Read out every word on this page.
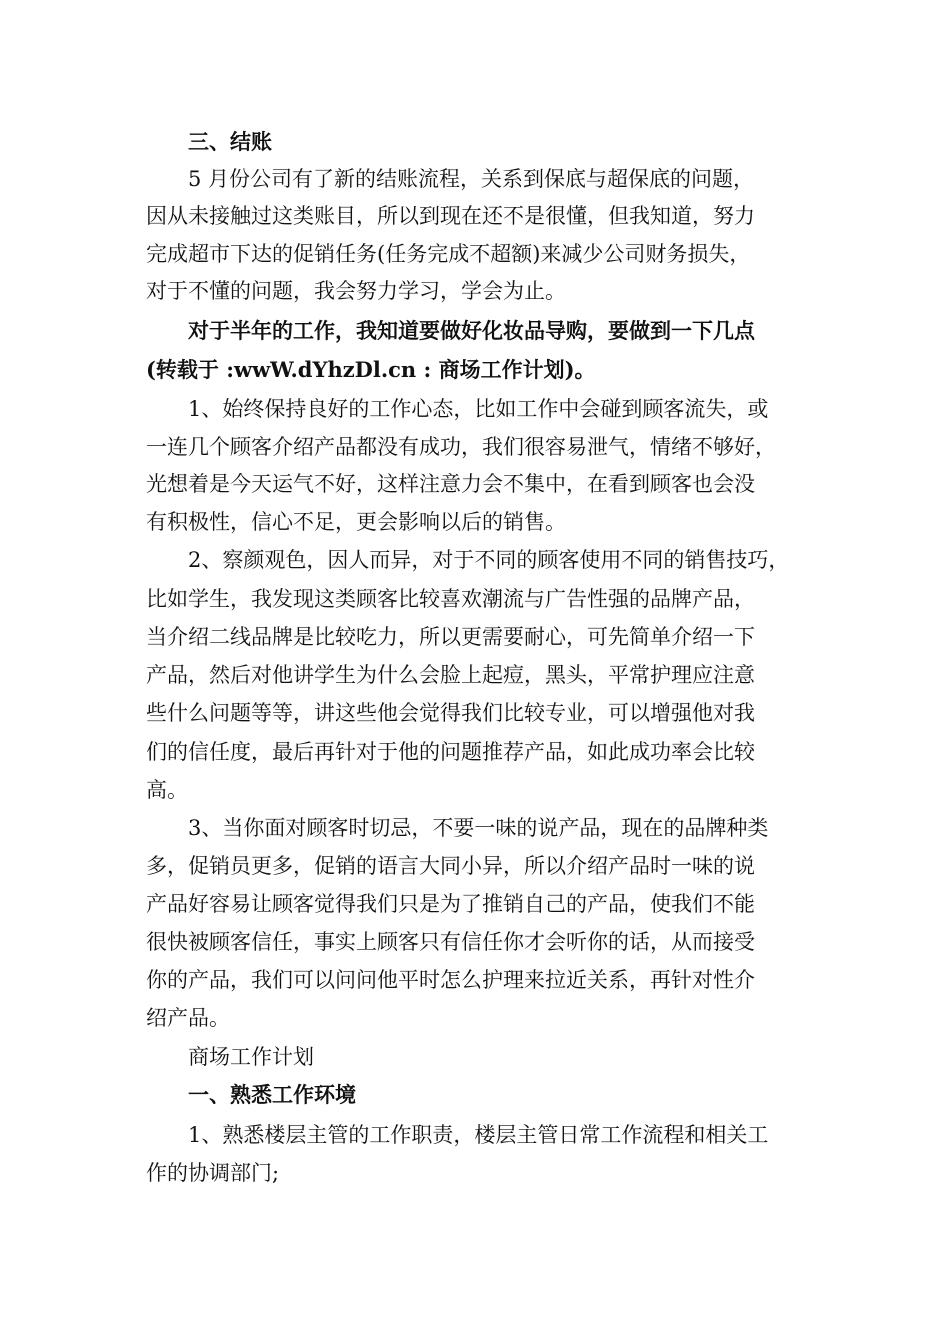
三、结账
5 月份公司有了新的结账流程，关系到保底与超保底的问题，
因从未接触过这类账目，所以到现在还不是很懂，但我知道，努力
完成超市下达的促销任务(任务完成不超额)来减少公司财务损失，
对于不懂的问题，我会努力学习，学会为止。
对于半年的工作，我知道要做好化妆品导购，要做到一下几点
(转载于 :wwW.dYhzDl.cn : 商场工作计划)。
1、始终保持良好的工作心态，比如工作中会碰到顾客流失，或
一连几个顾客介绍产品都没有成功，我们很容易泄气，情绪不够好，
光想着是今天运气不好，这样注意力会不集中，在看到顾客也会没
有积极性，信心不足，更会影响以后的销售。
2、察颜观色，因人而异，对于不同的顾客使用不同的销售技巧，
比如学生，我发现这类顾客比较喜欢潮流与广告性强的品牌产品，
当介绍二线品牌是比较吃力，所以更需要耐心，可先简单介绍一下
产品，然后对他讲学生为什么会脸上起痘，黑头，平常护理应注意
些什么问题等等，讲这些他会觉得我们比较专业，可以增强他对我
们的信任度，最后再针对于他的问题推荐产品，如此成功率会比较
高。
3、当你面对顾客时切忌，不要一味的说产品，现在的品牌种类
多，促销员更多，促销的语言大同小异，所以介绍产品时一味的说
产品好容易让顾客觉得我们只是为了推销自己的产品，使我们不能
很快被顾客信任，事实上顾客只有信任你才会听你的话，从而接受
你的产品，我们可以问问他平时怎么护理来拉近关系，再针对性介
绍产品。
商场工作计划
一、熟悉工作环境
1、熟悉楼层主管的工作职责，楼层主管日常工作流程和相关工
作的协调部门;
